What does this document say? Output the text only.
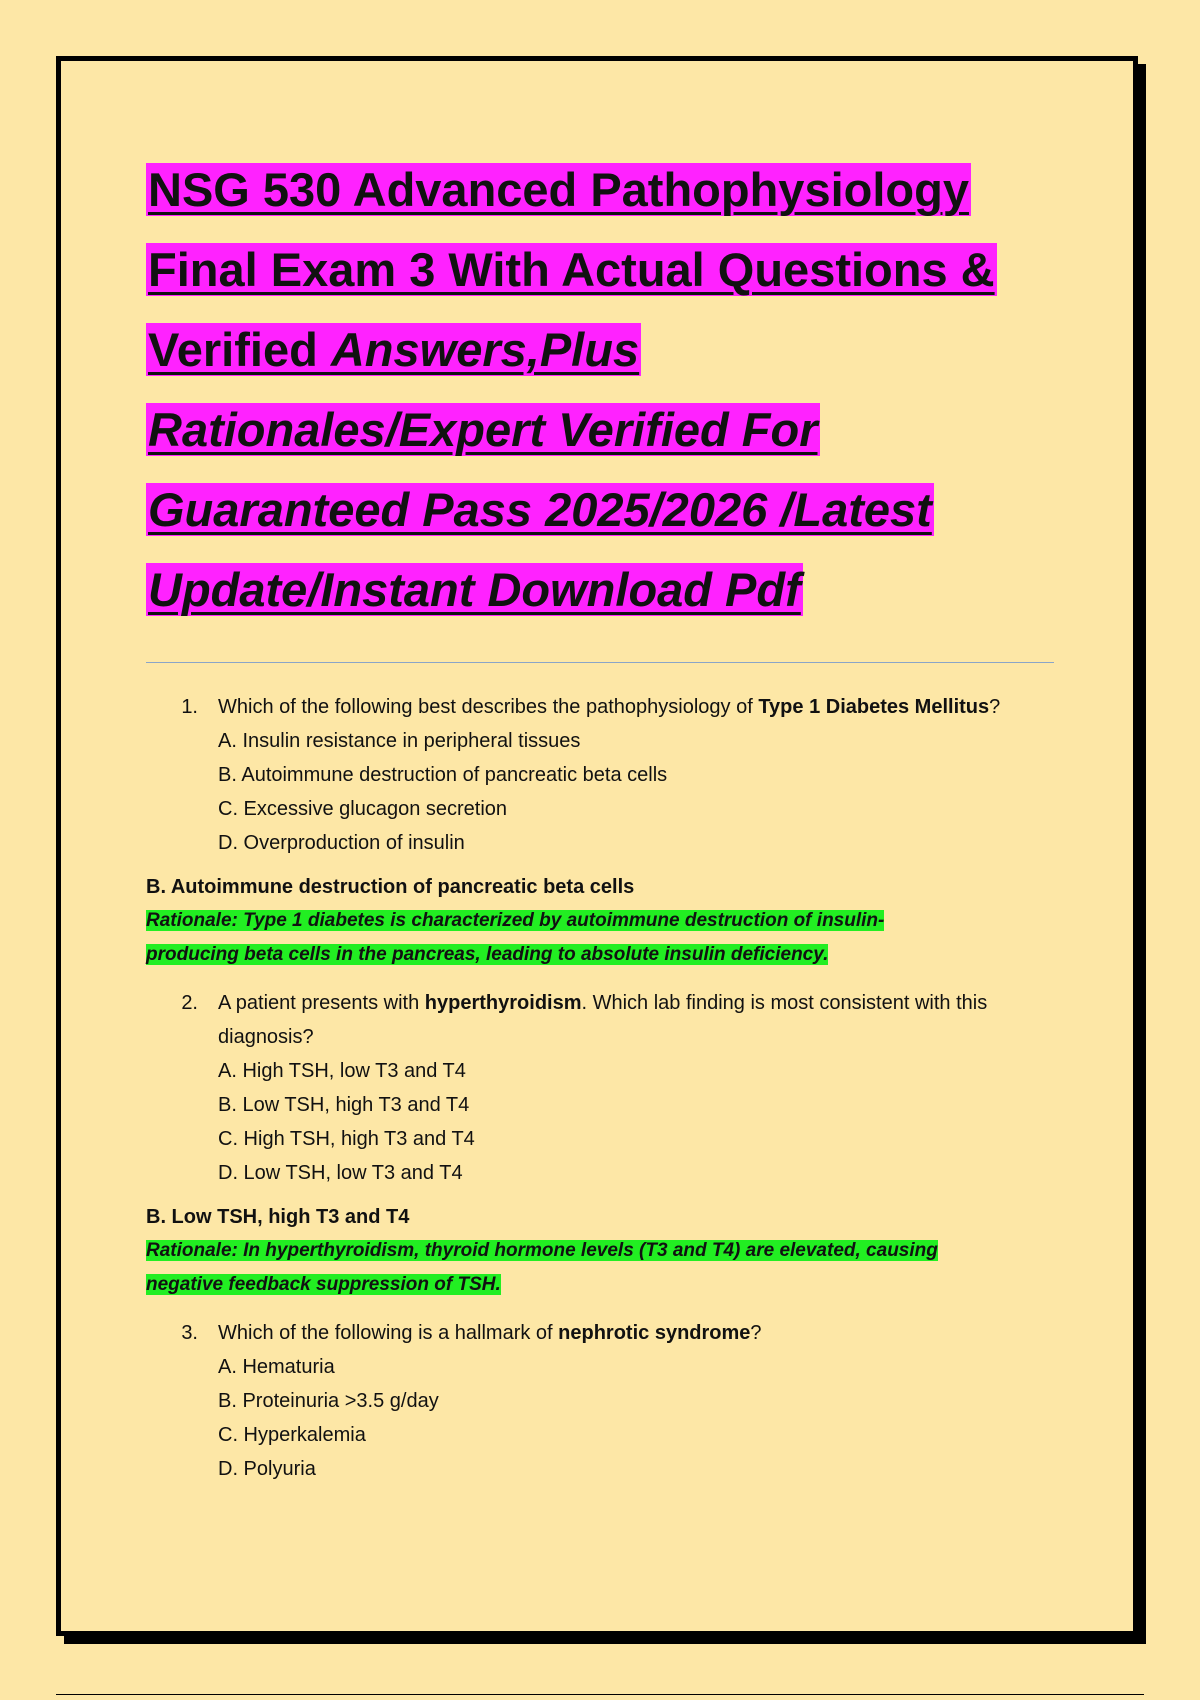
NSG 530 Advanced Pathophysiology
Final Exam 3 With Actual Questions &
Verified Answers,Plus
Rationales/Expert Verified For
Guaranteed Pass 2025/2026 /Latest
Update/Instant Download Pdf
1.	Which of the following best describes the pathophysiology of Type 1 Diabetes Mellitus?
A. Insulin resistance in peripheral tissues
B. Autoimmune destruction of pancreatic beta cells
C. Excessive glucagon secretion
D. Overproduction of insulin
B. Autoimmune destruction of pancreatic beta cells
Rationale: Type 1 diabetes is characterized by autoimmune destruction of insulin-
producing beta cells in the pancreas, leading to absolute insulin deficiency.
2.	A patient presents with hyperthyroidism. Which lab finding is most consistent with this diagnosis?
A. High TSH, low T3 and T4
B. Low TSH, high T3 and T4
C. High TSH, high T3 and T4
D. Low TSH, low T3 and T4
B. Low TSH, high T3 and T4
Rationale: In hyperthyroidism, thyroid hormone levels (T3 and T4) are elevated, causing
negative feedback suppression of TSH.
3.	Which of the following is a hallmark of nephrotic syndrome?
A. Hematuria
B. Proteinuria >3.5 g/day
C. Hyperkalemia
D. Polyuria
